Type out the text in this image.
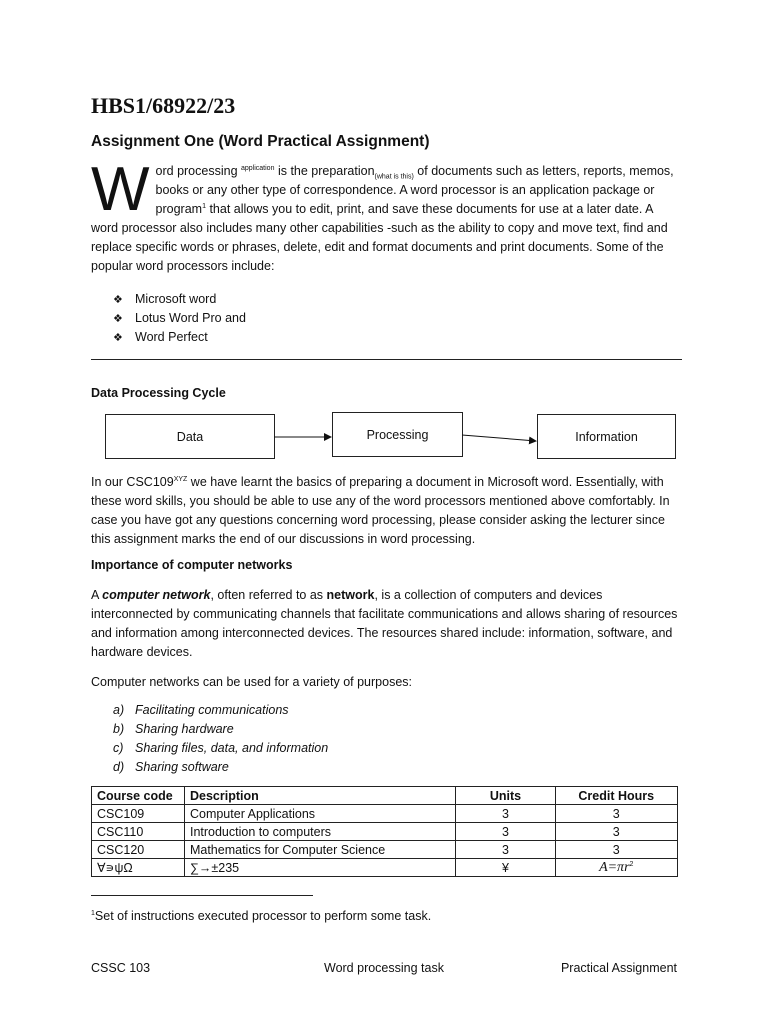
HBS1/68922/23
Assignment One (Word Practical Assignment)
Word processing $^{application}$ is the preparation$_{(what is this)}$ of documents such as letters, reports, memos, books or any other type of correspondence. A word processor is an application package or program$^1$ that allows you to edit, print, and save these documents for use at a later date. A word processor also includes many other capabilities -such as the ability to copy and move text, find and replace specific words or phrases, delete, edit and format documents and print documents. Some of the popular word processors include:
❖ Microsoft word
❖ Lotus Word Pro and
❖ Word Perfect
Data Processing Cycle
Data	Processing	Information
In our $CSC109^{XYZ}$ we have learnt the basics of preparing a document in Microsoft word. Essentially, with these word skills, you should be able to use any of the word processors mentioned above comfortably. In case you have got any questions concerning word processing, please consider asking the lecturer since this assignment marks the end of our discussions in word processing.
Importance of computer networks
A computer network, often referred to as network, is a collection of computers and devices interconnected by communicating channels that facilitate communications and allows sharing of resources and information among interconnected devices. The resources shared include: information, software, and hardware devices.
Computer networks can be used for a variety of purposes:
a) Facilitating communications
b) Sharing hardware
c) Sharing files, data, and information
d) Sharing software
Course code	Description	Units	Credit Hours
CSC109	Computer Applications	3	3
CSC110	Introduction to computers	3	3
CSC120	Mathematics for Computer Science	3	3
∀∍ψΩ	∑→±235	¥	$A=\pi r^2$
$^1$Set of instructions executed processor to perform some task.
CSSC 103	Word processing task	Practical Assignment
